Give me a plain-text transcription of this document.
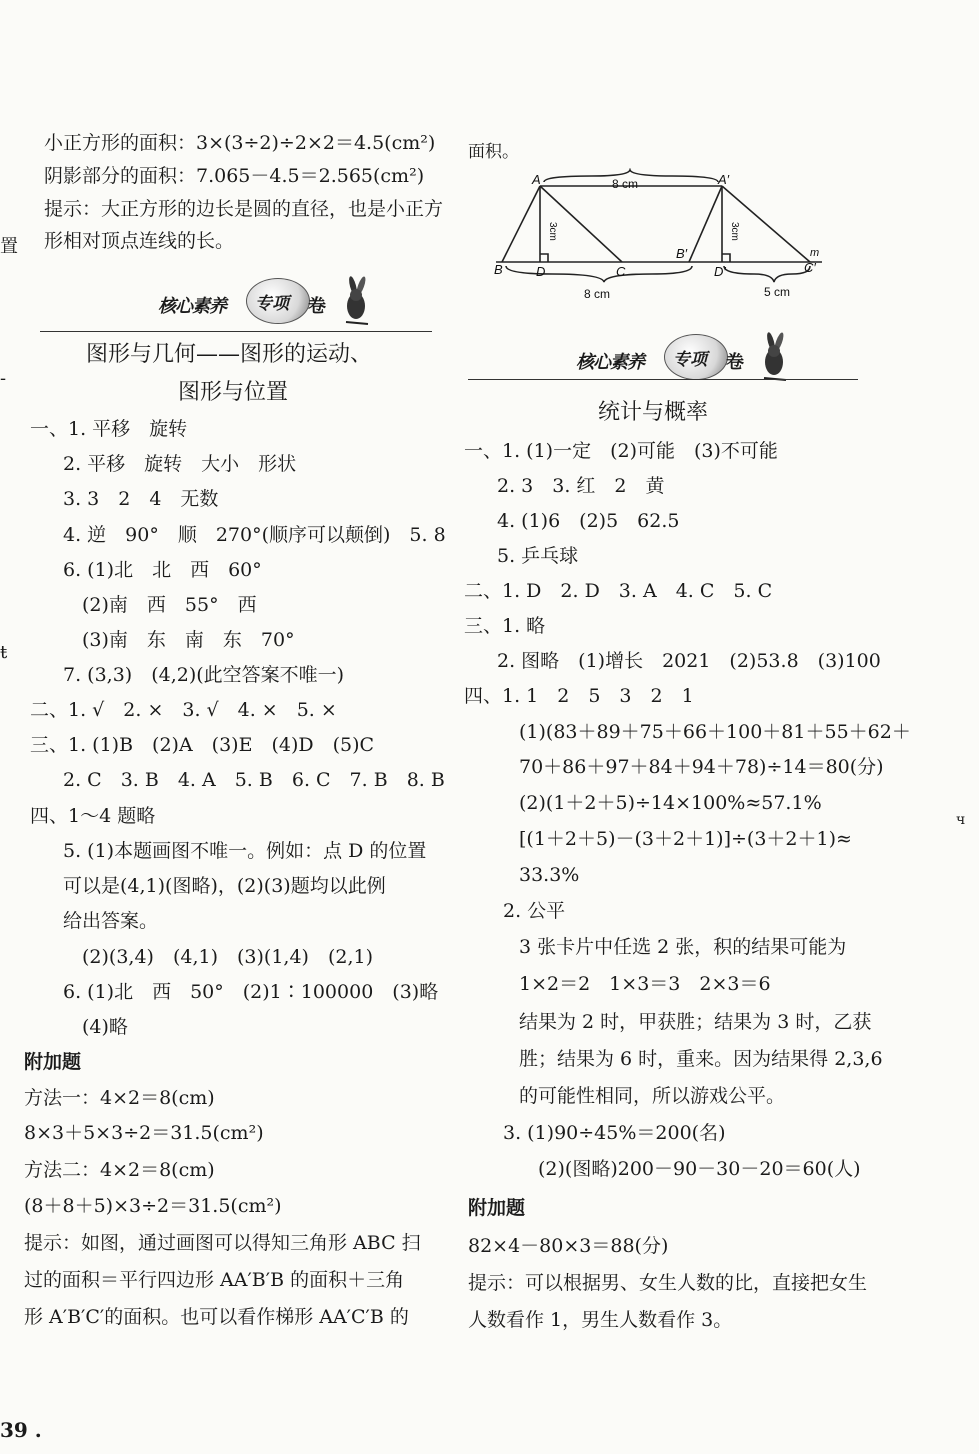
小正方形的面积：3×(3÷2)÷2×2＝4.5(cm²)
阴影部分的面积：7.065－4.5＝2.565(cm²)
提示：大正方形的边长是圆的直径，也是小正方
形相对顶点连线的长。
核心素养 专项 卷
图形与几何——图形的运动、
图形与位置
一、1. 平移　旋转
　2. 平移　旋转　大小　形状
　3. 3　2　4　无数
　4. 逆　90°　顺　270°(顺序可以颠倒)　5. 8
　6. (1)北　北　西　60°
　　(2)南　西　55°　西
　　(3)南　东　南　东　70°
　7. (3,3)　(4,2)(此空答案不唯一)
二、1. √　2. ×　3. √　4. ×　5. ×
三、1. (1)B　(2)A　(3)E　(4)D　(5)C
　2. C　3. B　4. A　5. B　6. C　7. B　8. B
四、1～4 题略
　5. (1)本题画图不唯一。例如：点 D 的位置
　可以是(4,1)(图略)，(2)(3)题均以此例
　给出答案。
　　(2)(3,4)　(4,1)　(3)(1,4)　(2,1)
　6. (1)北　西　50°　(2)1∶100000　(3)略
　　(4)略
附加题
方法一：4×2＝8(cm)
8×3＋5×3÷2＝31.5(cm²)
方法二：4×2＝8(cm)
(8＋8＋5)×3÷2＝31.5(cm²)
提示：如图，通过画图可以得知三角形 ABC 扫
过的面积＝平行四边形 AA′B′B 的面积＋三角
形 A′B′C′的面积。也可以看作梯形 AA′C′B 的
置
-
ŧ
39 .
面积。
A	A′
B	D	C
B′
D′	C′
m
8 cm
8 cm	5 cm
3cm	3cm
核心素养 专项 卷
统计与概率
一、1. (1)一定　(2)可能　(3)不可能
　2. 3　3. 红　2　黄
　4. (1)6　(2)5　62.5
　5. 乒乓球
二、1. D　2. D　3. A　4. C　5. C
三、1. 略
　2. 图略　(1)增长　2021　(2)53.8　(3)100
四、1. 1　2　5　3　2　1
　(1)(83＋89＋75＋66＋100＋81＋55＋62＋
　70＋86＋97＋84＋94＋78)÷14＝80(分)
　(2)(1＋2＋5)÷14×100%≈57.1%
　[(1＋2＋5)－(3＋2＋1)]÷(3＋2＋1)≈
　33.3%
　2. 公平
　3 张卡片中任选 2 张，积的结果可能为
　1×2＝2　1×3＝3　2×3＝6
　结果为 2 时，甲获胜；结果为 3 时，乙获
　胜；结果为 6 时，重来。因为结果得 2,3,6
　的可能性相同，所以游戏公平。
　3. (1)90÷45%＝200(名)
　　(2)(图略)200－90－30－20＝60(人)
附加题
82×4－80×3＝88(分)
提示：可以根据男、女生人数的比，直接把女生
人数看作 1，男生人数看作 3。
ч
